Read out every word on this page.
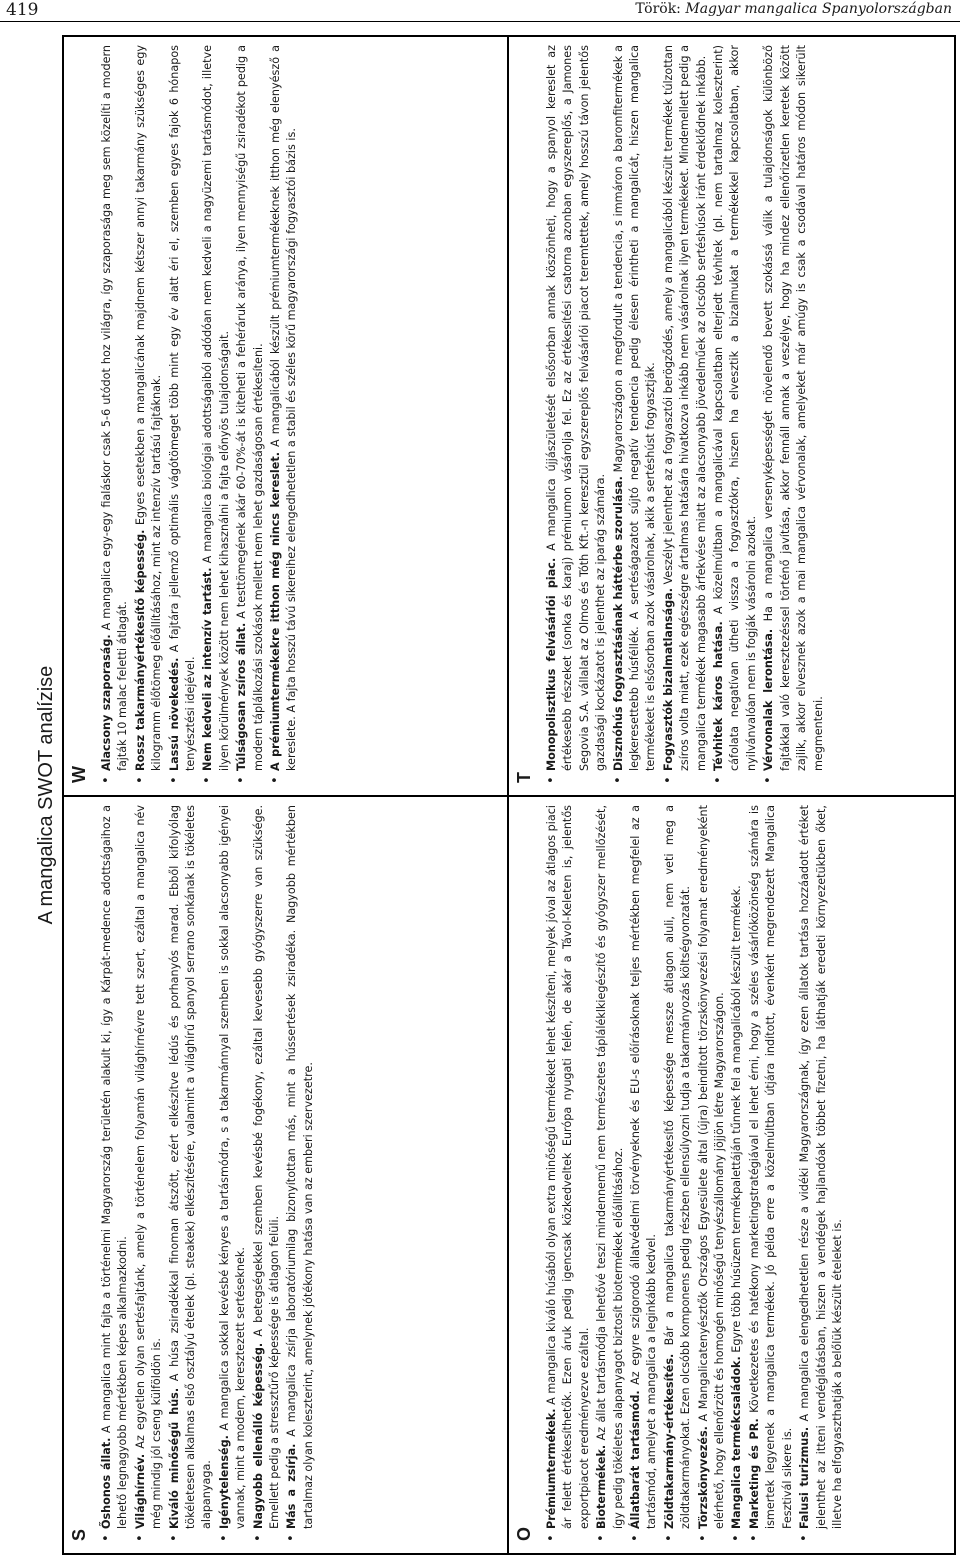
419	Török: Magyar mangalica Spanyolországban
A mangalica SWOT analízise
S
• Őshonos állat. A mangalica mint fajta a történelmi Magyarország területén alakult ki, így a Kárpát-medence adottságaihoz a lehető legnagyobb mértékben képes alkalmazkodni. • Világhírnév. Az egyetlen olyan sertésfajtánk, amely a történelem folyamán világhírnévre tett szert, ezáltal a mangalica név még mindig jól cseng külföldön is. • Kiváló minőségű hús. A húsa zsiradékkal finoman átszőtt, ezért elkészítve lédús és porhanyós marad. Ebből kifolyólag tökéletesen alkalmas első osztályú ételek (pl. steakek) elkészítésére, valamint a világhírű spanyol serrano sonkának is tökéletes alapanyaga. • Igénytelenség. A mangalica sokkal kevésbé kényes a tartásmódra, s a takarmánnyal szemben is sokkal alacsonyabb igényei vannak, mint a modern, keresztezett sertéseknek. • Nagyobb ellenálló képesség. A betegségekkel szemben kevésbé fogékony, ezáltal kevesebb gyógyszerre van szüksége. Emellett pedig a stressztűrő képessége is átlagon felüli. • Más a zsírja. A mangalica zsírja laboratóriumilag bizonyítottan más, mint a hússertések zsiradéka. Nagyobb mértékben tartalmaz olyan koleszterint, amelynek jótékony hatása van az emberi szervezetre.
W
• Alacsony szaporaság. A mangalica egy-egy fialáskor csak 5-6 utódot hoz világra, így szaporasága meg sem közelíti a modern fajták 10 malac feletti átlagát. • Rossz takarmányértékesítő képesség. Egyes esetekben a mangalicának majdnem kétszer annyi takarmány szükséges egy kilogramm élőtömeg előállításához, mint az intenzív tartású fajtáknak. • Lassú növekedés. A fajtára jellemző optimális vágótömeget több mint egy év alatt éri el, szemben egyes fajok 6 hónapos tenyésztési idejével. • Nem kedveli az intenzív tartást. A mangalica biológiai adottságaiból adódóan nem kedveli a nagyüzemi tartásmódot, illetve ilyen körülmények között nem lehet kihasználni a fajta előnyös tulajdonságait. • Túlságosan zsíros állat. A testtömegének akár 60-70%-át is kiteheti a fehéráruk aránya, ilyen mennyiségű zsiradékot pedig a modern táplálkozási szokások mellett nem lehet gazdaságosan értékesíteni. • A prémiumtermékekre itthon még nincs kereslet. A mangalicából készült prémiumtermékeknek itthon még elenyésző a kereslete. A fajta hosszú távú sikereihez elengedhetetlen a stabil és széles körű magyarországi fogyasztói bázis is.
O
• Prémiumtermékek. A mangalica kiváló húsából olyan extra minőségű termékeket lehet készíteni, melyek jóval az átlagos piaci ár felett értékesíthetők. Ezen áruk pedig igencsak közkedveltek Európa nyugati felén, de akár a Távol-Keleten is, jelentős exportpiacot eredményezve ezáltal. • Biotermékek. Az állat tartásmódja lehetővé teszi mindennemű nem természetes tápláléklkiegészítő és gyógyszer mellőzését, így pedig tökéletes alapanyagot biztosít biotermékek előállításához. • Állatbarát tartásmód. Az egyre szigorodó állatvédelmi törvényeknek és EU-s előírásoknak teljes mértékben megfelel az a tartásmód, amelyet a mangalica a leginkább kedvel. • Zöldtakarmány-értékesítés. Bár a mangalica takarmányértékesítő képessége messze átlagon aluli, nem veti meg a zöldtakarmányokat. Ezen olcsóbb komponens pedig részben ellensúlyozni tudja a takarmányozás költségvonzatát. • Törzskönyvezés. A Mangalicatenyésztők Országos Egyesülete által (újra) beindított törzskönyvezési folyamat eredményeként elérhető, hogy ellenőrzött és homogén minőségű tenyészállomány jöjjön létre Magyarországon. • Mangalica termékcsaládok. Egyre több húsüzem termékpalettáján tűnnek fel a mangalicából készült termékek.
• Marketing és PR. Következetes és hatékony marketingstratégiával el lehet érni, hogy a széles vásárlóközönség számára is ismertek legyenek a mangalica termékek. Jó példa erre a közelmúltban útjára indított, évenként megrendezett Mangalica Fesztivál sikere is. • Falusi turizmus. A mangalica elengedhetetlen része a vidéki Magyarországnak, így ezen állatok tartása hozzáadott értéket jelenthet az itteni vendéglátásban, hiszen a vendégek hajlandóak többet fizetni, ha láthatják eredeti környezetükben őket, illetve ha elfogyaszthatják a belőlük készült ételeket is.
T
• Monopolisztikus felvásárlói piac. A mangalica újjászületését elsősorban annak köszönheti, hogy a spanyol kereslet az értékesebb részeket (sonka és karaj) prémiumon vásárolja fel. Ez az értékesítési csatorna azonban egyszereplős, a Jamones Segovia S.A. vállalat az Olmos és Tóth Kft.-n keresztül egyszereplős felvásárlói piacot teremtettek, amely hosszú távon jelentős gazdasági kockázatot is jelenthet az iparág számára. • Disznóhús fogyasztásának háttérbe szorulása. Magyarországon a megfordult a tendencia, s immáron a baromfitermékek a legkeresettebb húsféllék. A sertéságazatot sújtó negatív tendencia pedig élesen érintheti a mangalicát, hiszen mangalica termékeket is elsősorban azok vásárolnak, akik a sertéshúst fogyasztják. • Fogyasztók bizalmatlansága. Veszélyt jelenthet az a fogyasztói berögződés, amely a mangalicából készült termékek túlzottan zsíros volta miatt, ezek egészségre ártalmas hatására hivatkozva inkább nem vásárolnak ilyen termékeket. Mindemellett pedig a mangalica termékek magasabb árfekvése miatt az alacsonyabb jövedelműek az olcsóbb sertéshúsok iránt érdeklődnek inkább. • Tévhitek káros hatása. A közelmúltban a mangalicával kapcsolatban elterjedt tévhitek (pl. nem tartalmaz koleszterint) cáfolata negatívan ütheti vissza a fogyasztókra, hiszen ha elvesztik a bizalmukat a termékekkel kapcsolatban, akkor nyilvánvalóan nem is fogják vásárolni azokat. • Vérvonalak lerontása. Ha a mangalica versenyképességét növelendő bevett szokássá válik a tulajdonságok különböző fajtákkal való keresztezéssel történő javítása, akkor fennáll annak a veszélye, hogy ha mindez ellenőrizetlen keretek között zajlik, akkor elvesznek azok a mai mangalica vérvonalak, amelyeket már amúgy is csak a csodával határos módon sikerült megmenteni.
